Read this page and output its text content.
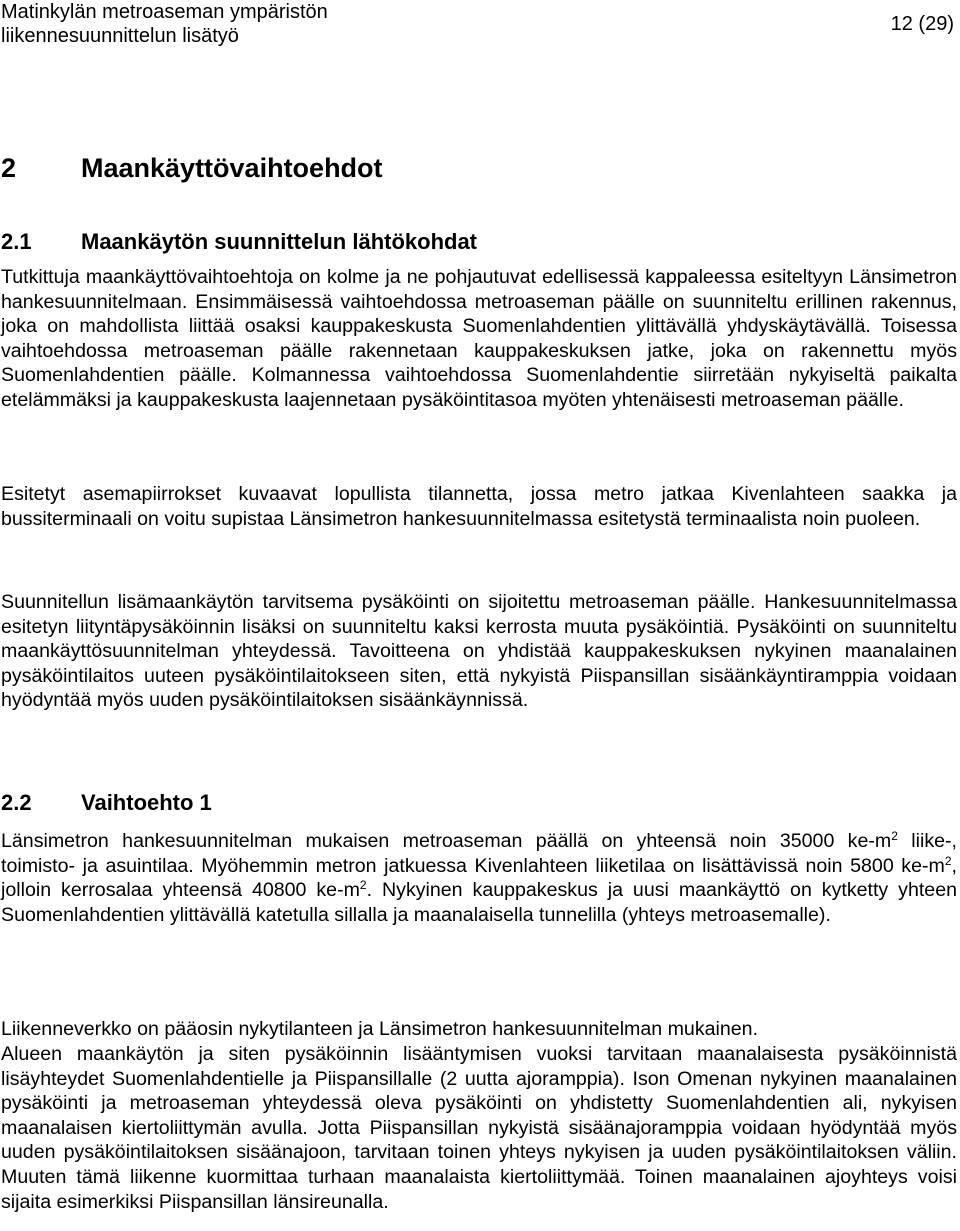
Matinkylän metroaseman ympäristön
liikennesuunnittelun lisätyö
12 (29)
2 Maankäyttövaihtoehdot
2.1 Maankäytön suunnittelun lähtökohdat

Tutkittuja maankäyttövaihtoehtoja on kolme ja ne pohjautuvat edellisessä kappaleessa esiteltyyn Länsimetron hankesuunnitelmaan. Ensimmäisessä vaihtoehdossa metroaseman päälle on suunniteltu erillinen rakennus, joka on mahdollista liittää osaksi kauppakeskusta Suomenlahdentien ylittävällä yhdyskäytävällä. Toisessa vaihtoehdossa metroaseman päälle rakennetaan kauppakeskuksen jatke, joka on rakennettu myös Suomenlahdentien päälle. Kolmannessa vaihtoehdossa Suomenlahdentie siirretään nykyiseltä paikalta etelämmäksi ja kauppakeskusta laajennetaan pysäköintitasoa myöten yhtenäisesti metroaseman päälle.

Esitetyt asemapiirrokset kuvaavat lopullista tilannetta, jossa metro jatkaa Kivenlahteen saakka ja bussiterminaali on voitu supistaa Länsimetron hankesuunnitelmassa esitetystä terminaalista noin puoleen.

Suunnitellun lisämaankäytön tarvitsema pysäköinti on sijoitettu metroaseman päälle. Hankesuunnitelmassa esitetyn liityntäpysäköinnin lisäksi on suunniteltu kaksi kerrosta muuta pysäköintiä. Pysäköinti on suunniteltu maankäyttösuunnitelman yhteydessä. Tavoitteena on yhdistää kauppakeskuksen nykyinen maanalainen pysäköintilaitos uuteen pysäköintilaitokseen siten, että nykyistä Piispansillan sisäänkäyntiramppia voidaan hyödyntää myös uuden pysäköintilaitoksen sisäänkäynnissä.

2.2 Vaihtoehto 1

Länsimetron hankesuunnitelman mukaisen metroaseman päällä on yhteensä noin 35000 $ke-m^2$ liike-, toimisto- ja asuintilaa. Myöhemmin metron jatkuessa Kivenlahteen liiketilaa on lisättävissä noin 5800 $ke-m^2$, jolloin kerrosalaa yhteensä 40800 $ke-m^2$. Nykyinen kauppakeskus ja uusi maankäyttö on kytketty yhteen Suomenlahdentien ylittävällä katetulla sillalla ja maanalaisella tunnelilla (yhteys metroasemalle).

Liikenneverkko on pääosin nykytilanteen ja Länsimetron hankesuunnitelman mukainen.

Alueen maankäytön ja siten pysäköinnin lisääntymisen vuoksi tarvitaan maanalaisesta pysäköinnistä lisäyhteydet Suomenlahdentielle ja Piispansillalle (2 uutta ajoramppia). Ison Omenan nykyinen maanalainen pysäköinti ja metroaseman yhteydessä oleva pysäköinti on yhdistetty Suomenlahdentien ali, nykyisen maanalaisen kiertoliittymän avulla. Jotta Piispansillan nykyistä sisäänajoramppia voidaan hyödyntää myös uuden pysäköintilaitoksen sisäänajoon, tarvitaan toinen yhteys nykyisen ja uuden pysäköintilaitoksen väliin. Muuten tämä liikenne kuormittaa turhaan maanalaista kiertoliittymää. Toinen maanalainen ajoyhteys voisi sijaita esimerkiksi Piispansillan länsireunalla.
